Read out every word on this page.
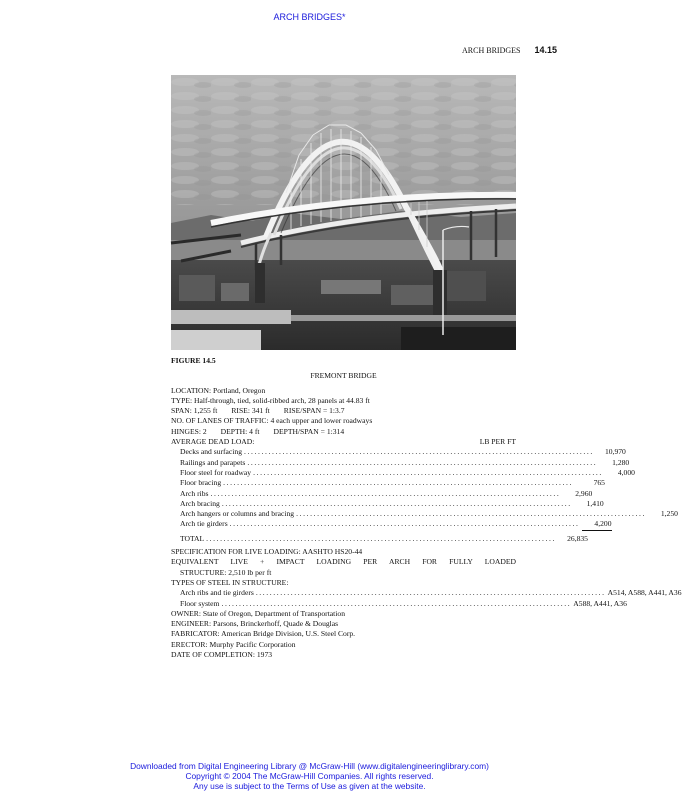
ARCH BRIDGES*
ARCH BRIDGES 14.15
FIGURE 14.5
FREMONT BRIDGE
LOCATION: Portland, Oregon
TYPE: Half-through, tied, solid-ribbed arch, 28 panels at 44.83 ft
SPAN: 1,255 ft RISE: 341 ft RISE/SPAN = 1:3.7
NO. OF LANES OF TRAFFIC: 4 each upper and lower roadways
HINGES: 2 DEPTH: 4 ft DEPTH/SPAN = 1:314
AVERAGE DEAD LOAD:	LB PER FT
Decks and surfacing ....................................................................................................	10,970
Railings and parapets ....................................................................................................	1,280
Floor steel for roadway ....................................................................................................	4,000
Floor bracing ....................................................................................................	765
Arch ribs ....................................................................................................	2,960
Arch bracing ....................................................................................................	1,410
Arch hangers or columns and bracing ....................................................................................................	1,250
Arch tie girders ....................................................................................................	4,200
TOTAL ....................................................................................................	26,835
SPECIFICATION FOR LIVE LOADING: AASHTO HS20-44
EQUIVALENT LIVE + IMPACT LOADING PER ARCH FOR FULLY LOADED
STRUCTURE: 2,510 lb per ft
TYPES OF STEEL IN STRUCTURE:
Arch ribs and tie girders .................................................................................................... A514, A588, A441, A36
Floor system .................................................................................................... A588, A441, A36
OWNER: State of Oregon, Department of Transportation
ENGINEER: Parsons, Brinckerhoff, Quade & Douglas
FABRICATOR: American Bridge Division, U.S. Steel Corp.
ERECTOR: Murphy Pacific Corporation
DATE OF COMPLETION: 1973
Downloaded from Digital Engineering Library @ McGraw-Hill (www.digitalengineeringlibrary.com)
Copyright © 2004 The McGraw-Hill Companies. All rights reserved.
Any use is subject to the Terms of Use as given at the website.
